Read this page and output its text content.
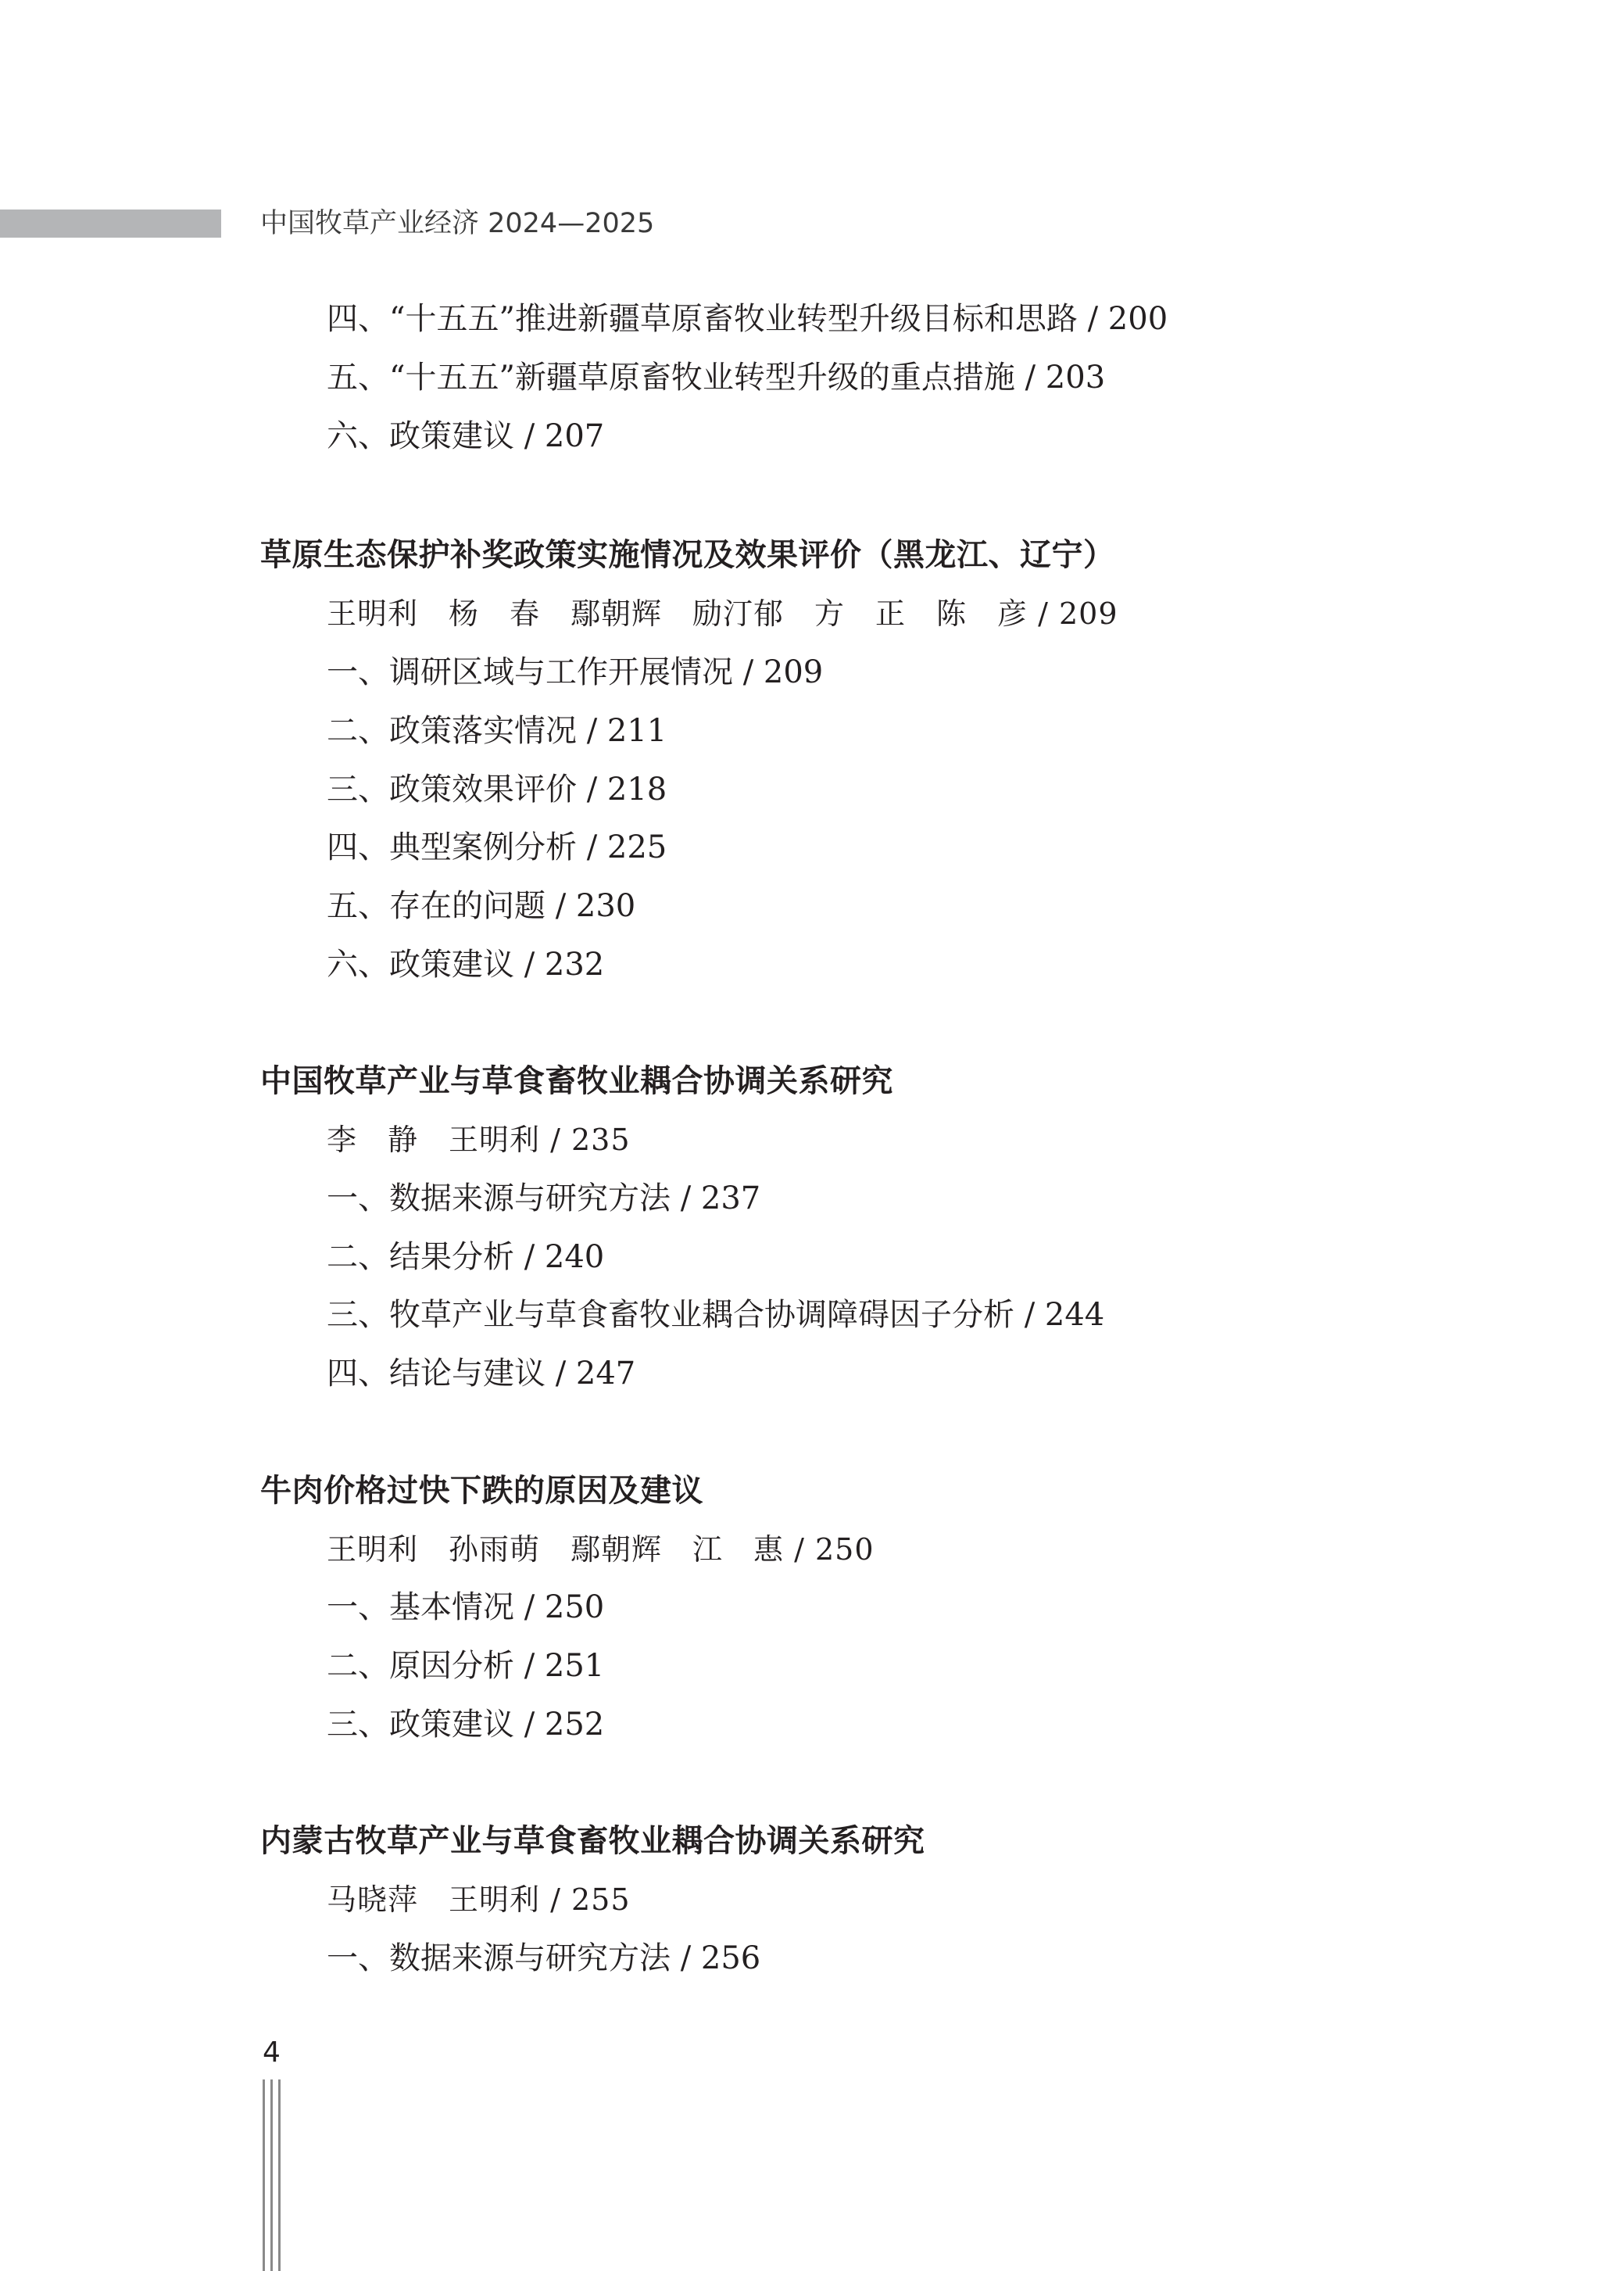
中国牧草产业经济 2024—2025
四、“十五五”推进新疆草原畜牧业转型升级目标和思路 / 200
五、“十五五”新疆草原畜牧业转型升级的重点措施 / 203
六、政策建议 / 207
草原生态保护补奖政策实施情况及效果评价（黑龙江、辽宁）
王明利　杨　春　鄢朝辉　励汀郁　方　正　陈　彦 / 209
一、调研区域与工作开展情况 / 209
二、政策落实情况 / 211
三、政策效果评价 / 218
四、典型案例分析 / 225
五、存在的问题 / 230
六、政策建议 / 232
中国牧草产业与草食畜牧业耦合协调关系研究
李　静　王明利 / 235
一、数据来源与研究方法 / 237
二、结果分析 / 240
三、牧草产业与草食畜牧业耦合协调障碍因子分析 / 244
四、结论与建议 / 247
牛肉价格过快下跌的原因及建议
王明利　孙雨萌　鄢朝辉　江　惠 / 250
一、基本情况 / 250
二、原因分析 / 251
三、政策建议 / 252
内蒙古牧草产业与草食畜牧业耦合协调关系研究
马晓萍　王明利 / 255
一、数据来源与研究方法 / 256
4
